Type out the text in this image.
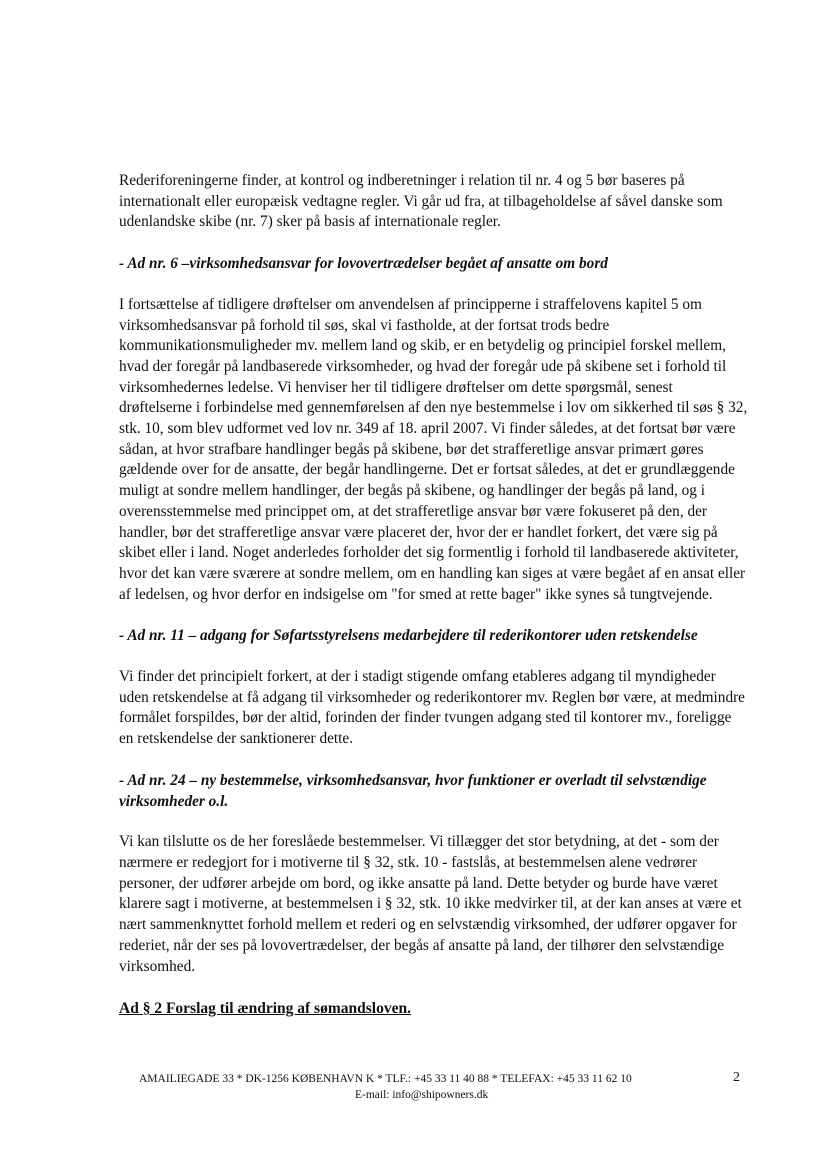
Rederiforeningerne finder, at kontrol og indberetninger i relation til nr. 4 og 5 bør baseres på internationalt eller europæisk vedtagne regler. Vi går ud fra, at tilbageholdelse af såvel danske som udenlandske skibe (nr. 7) sker på basis af internationale regler.

- Ad nr. 6 –virksomhedsansvar for lovovertrædelser begået af ansatte om bord

I fortsættelse af tidligere drøftelser om anvendelsen af principperne i straffelovens kapitel 5 om virksomhedsansvar på forhold til søs, skal vi fastholde, at der fortsat trods bedre kommunikationsmuligheder mv. mellem land og skib, er en betydelig og principiel forskel mellem, hvad der foregår på landbaserede virksomheder, og hvad der foregår ude på skibene set i forhold til virksomhedernes ledelse. Vi henviser her til tidligere drøftelser om dette spørgsmål, senest drøftelserne i forbindelse med gennemførelsen af den nye bestemmelse i lov om sikkerhed til søs § 32, stk. 10, som blev udformet ved lov nr. 349 af 18. april 2007. Vi finder således, at det fortsat bør være sådan, at hvor strafbare handlinger begås på skibene, bør det strafferetlige ansvar primært gøres gældende over for de ansatte, der begår handlingerne. Det er fortsat således, at det er grundlæggende muligt at sondre mellem handlinger, der begås på skibene, og handlinger der begås på land, og i overensstemmelse med princippet om, at det strafferetlige ansvar bør være fokuseret på den, der handler, bør det strafferetlige ansvar være placeret der, hvor der er handlet forkert, det være sig på skibet eller i land. Noget anderledes forholder det sig formentlig i forhold til landbaserede aktiviteter, hvor det kan være sværere at sondre mellem, om en handling kan siges at være begået af en ansat eller af ledelsen, og hvor derfor en indsigelse om "for smed at rette bager" ikke synes så tungtvejende.

- Ad nr. 11 – adgang for Søfartsstyrelsens medarbejdere til rederikontorer uden retskendelse

Vi finder det principielt forkert, at der i stadigt stigende omfang etableres adgang til myndigheder uden retskendelse at få adgang til virksomheder og rederikontorer mv. Reglen bør være, at medmindre formålet forspildes, bør der altid, forinden der finder tvungen adgang sted til kontorer mv., foreligge en retskendelse der sanktionerer dette.

- Ad nr. 24 – ny bestemmelse, virksomhedsansvar, hvor funktioner er overladt til selvstændige virksomheder o.l.

Vi kan tilslutte os de her foreslåede bestemmelser. Vi tillægger det stor betydning, at det - som der nærmere er redegjort for i motiverne til § 32, stk. 10 - fastslås, at bestemmelsen alene vedrører personer, der udfører arbejde om bord, og ikke ansatte på land. Dette betyder og burde have været klarere sagt i motiverne, at bestemmelsen i § 32, stk. 10 ikke medvirker til, at der kan anses at være et nært sammenknyttet forhold mellem et rederi og en selvstændig virksomhed, der udfører opgaver for rederiet, når der ses på lovovertrædelser, der begås af ansatte på land, der tilhører den selvstændige virksomhed.

Ad § 2 Forslag til ændring af sømandsloven.

AMAILIEGADE 33 * DK-1256 KØBENHAVN K * TLF.: +45 33 11 40 88 * TELEFAX: +45 33 11 62 10	2
E-mail: info@shipowners.dk
